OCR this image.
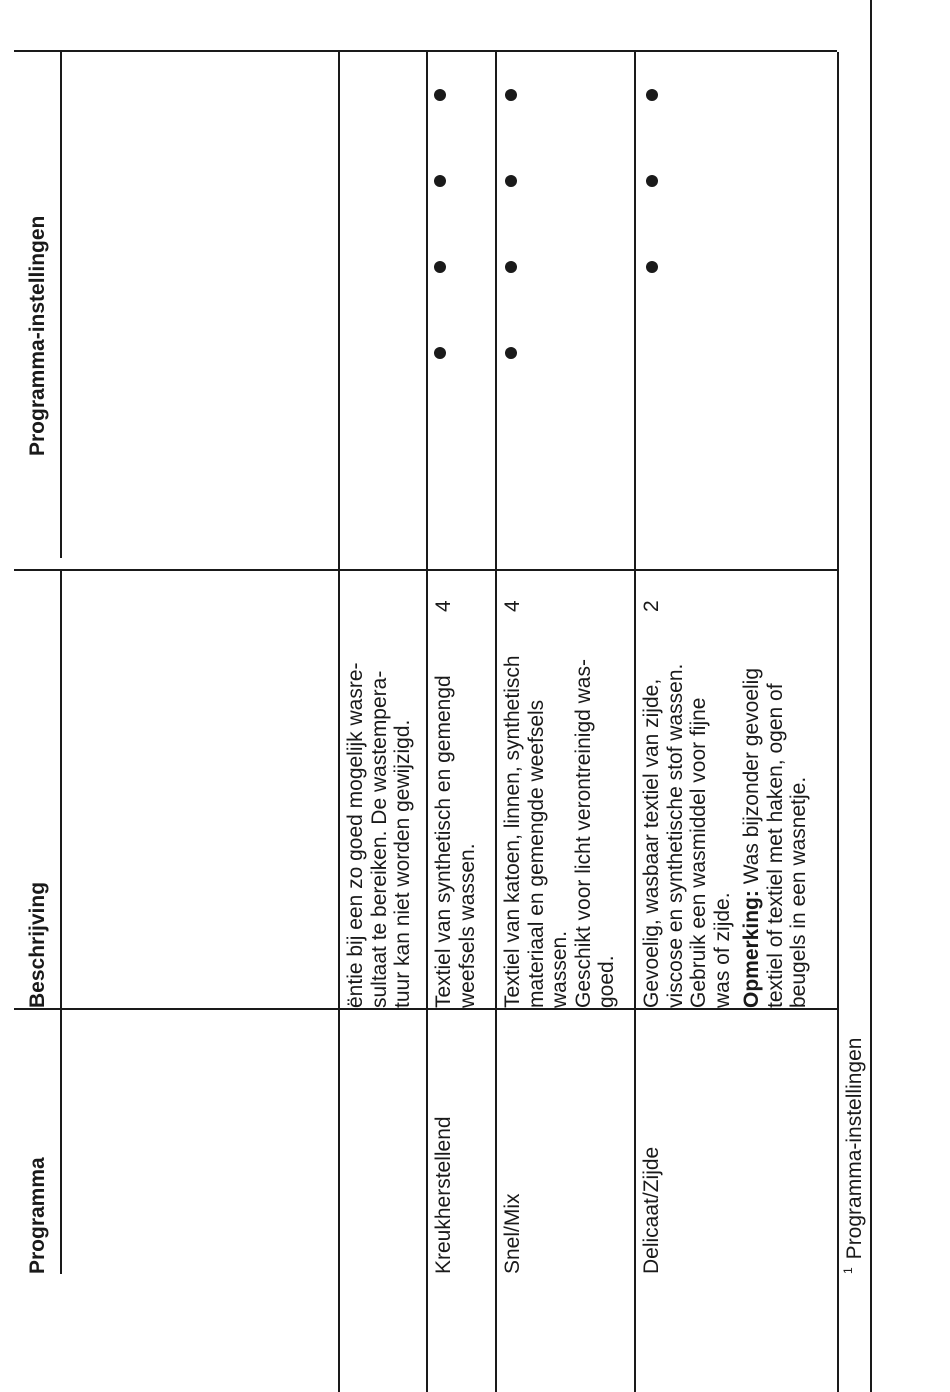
Programma
Beschrijving
Programma-instellingen
ëntie bij een zo goed mogelijk wasre- sultaat te bereiken. De wastempera- tuur kan niet worden gewijzigd.
Kreukherstellend
Textiel van synthetisch en gemengd weefsels wassen.
4
Snel/Mix
Textiel van katoen, linnen, synthetisch materiaal en gemengde weefsels wassen. Geschikt voor licht verontreinigd was- goed.
4
Delicaat/Zijde
Gevoelig, wasbaar textiel van zijde, viscose en synthetische stof wassen. Gebruik een wasmiddel voor fijne was of zijde. Opmerking: Was bijzonder gevoelig textiel of textiel met haken, ogen of beugels in een wasnetje.
2
$^1$Programma-instellingen
